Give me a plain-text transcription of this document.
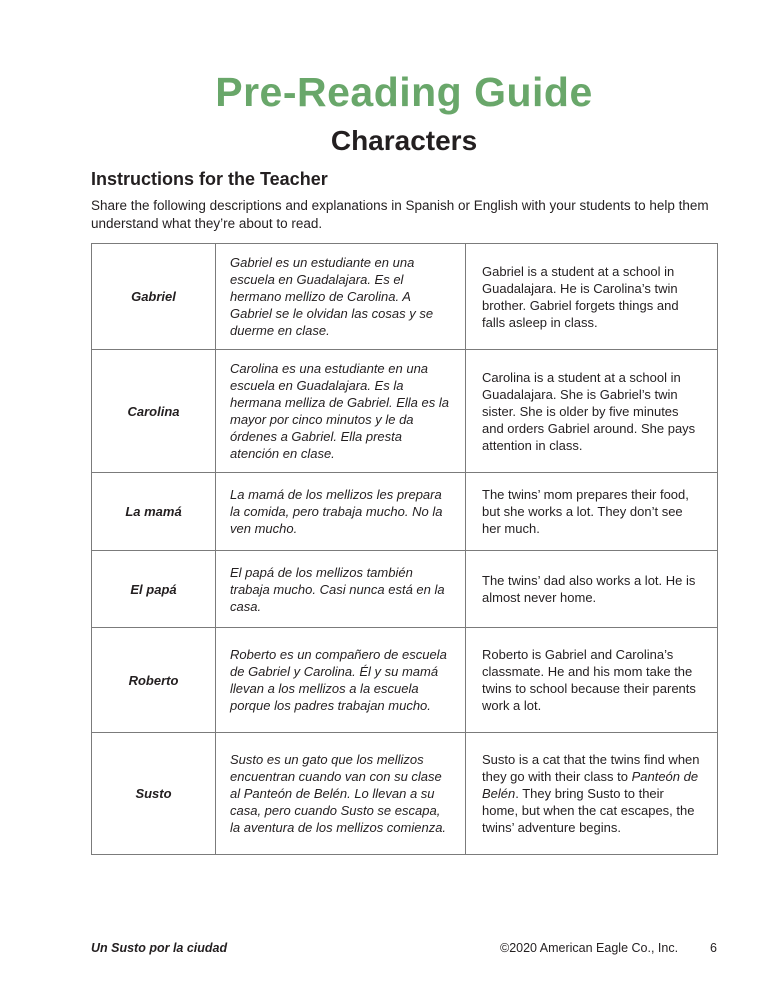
Pre-Reading Guide
Characters
Instructions for the Teacher

Share the following descriptions and explanations in Spanish or English with your students to help them understand what they’re about to read.

Gabriel	Gabriel es un estudiante en una escuela en Guadalajara. Es el hermano mellizo de Carolina. A Gabriel se le olvidan las cosas y se duerme en clase.	Gabriel is a student at a school in Guadalajara. He is Carolina’s twin brother. Gabriel forgets things and falls asleep in class.
Carolina	Carolina es una estudiante en una escuela en Guadalajara. Es la hermana melliza de Gabriel. Ella es la mayor por cinco minutos y le da órdenes a Gabriel. Ella presta atención en clase.	Carolina is a student at a school in Guadalajara. She is Gabriel’s twin sister. She is older by five minutes and orders Gabriel around. She pays attention in class.
La mamá	La mamá de los mellizos les prepara la comida, pero trabaja mucho. No la ven mucho.	The twins’ mom prepares their food, but she works a lot. They don’t see her much.
El papá	El papá de los mellizos también trabaja mucho. Casi nunca está en la casa.	The twins’ dad also works a lot. He is almost never home.
Roberto	Roberto es un compañero de escuela de Gabriel y Carolina. Él y su mamá llevan a los mellizos a la escuela porque los padres trabajan mucho.	Roberto is Gabriel and Carolina’s classmate. He and his mom take the twins to school because their parents work a lot.
Susto	Susto es un gato que los mellizos encuentran cuando van con su clase al Panteón de Belén. Lo llevan a su casa, pero cuando Susto se escapa, la aventura de los mellizos comienza.	Susto is a cat that the twins find when they go with their class to Panteón de Belén. They bring Susto to their home, but when the cat escapes, the twins’ adventure begins.
Un Susto por la ciudad	©2020 American Eagle Co., Inc.	6
